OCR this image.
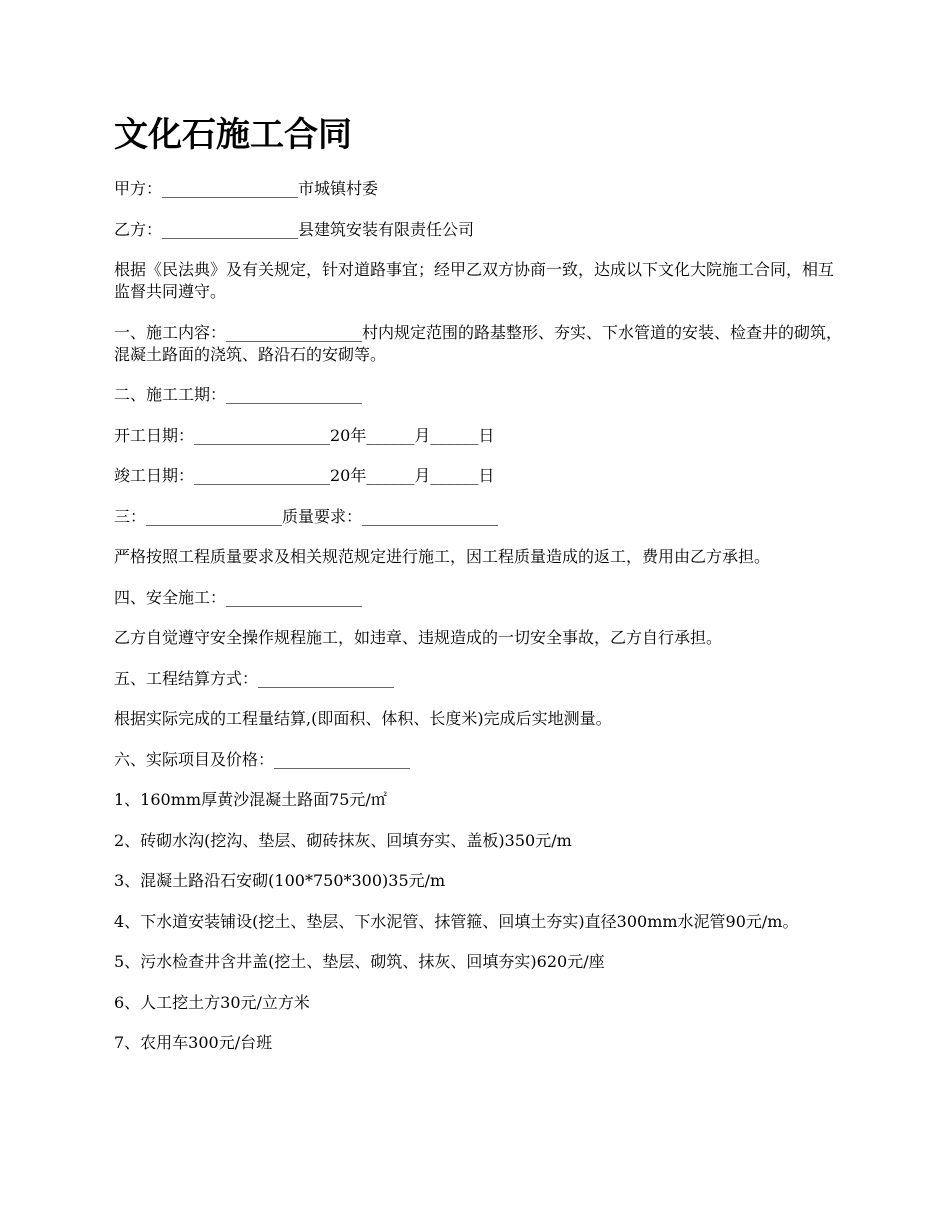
文化石施工合同

甲方：_________________市城镇村委

乙方：_________________县建筑安装有限责任公司

根据《民法典》及有关规定，针对道路事宜；经甲乙双方协商一致，达成以下文化大院施工合同，相互监督共同遵守。

一、施工内容：_________________村内规定范围的路基整形、夯实、下水管道的安装、检查井的砌筑，混凝土路面的浇筑、路沿石的安砌等。

二、施工工期：_________________

开工日期：_________________20年______月______日

竣工日期：_________________20年______月______日

三：_________________质量要求：_________________

严格按照工程质量要求及相关规范规定进行施工，因工程质量造成的返工，费用由乙方承担。

四、安全施工：_________________

乙方自觉遵守安全操作规程施工，如违章、违规造成的一切安全事故，乙方自行承担。

五、工程结算方式：_________________

根据实际完成的工程量结算,(即面积、体积、长度米)完成后实地测量。

六、实际项目及价格：_________________

1、160mm厚黄沙混凝土路面75元/㎡

2、砖砌水沟(挖沟、垫层、砌砖抹灰、回填夯实、盖板)350元/m

3、混凝土路沿石安砌(100*750*300)35元/m

4、下水道安装铺设(挖土、垫层、下水泥管、抹管箍、回填土夯实)直径300mm水泥管90元/m。

5、污水检查井含井盖(挖土、垫层、砌筑、抹灰、回填夯实)620元/座

6、人工挖土方30元/立方米

7、农用车300元/台班
